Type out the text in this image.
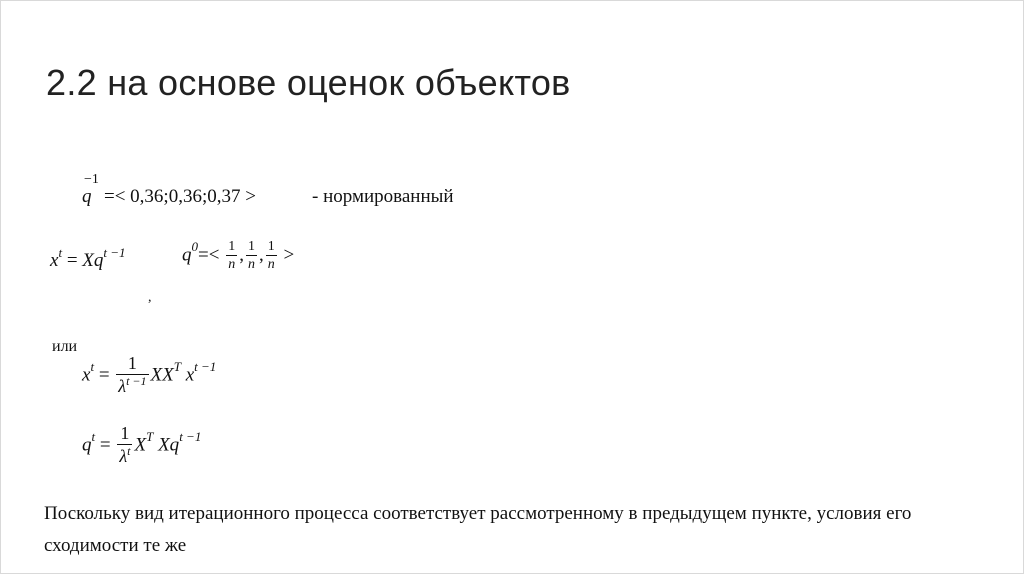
2.2 на основе оценок объектов
−1
q =< 0,36;0,36;0,37 >	- нормированный
$x^t = Xq^{t -1}$	$q^0=< \frac{1}{n}$ , $\frac{1}{n}$ , $\frac{1}{n}$ >
,
или
$x^t = \frac{1}{\lambda^{t -1}} XX^T$ $x^{t -1}$
$q^t = \frac{1}{\lambda^t} X^T$ $Xq^{t -1}$
Поскольку вид итерационного процесса соответствует рассмотренному в предыдущем пункте, условия его сходимости те же
